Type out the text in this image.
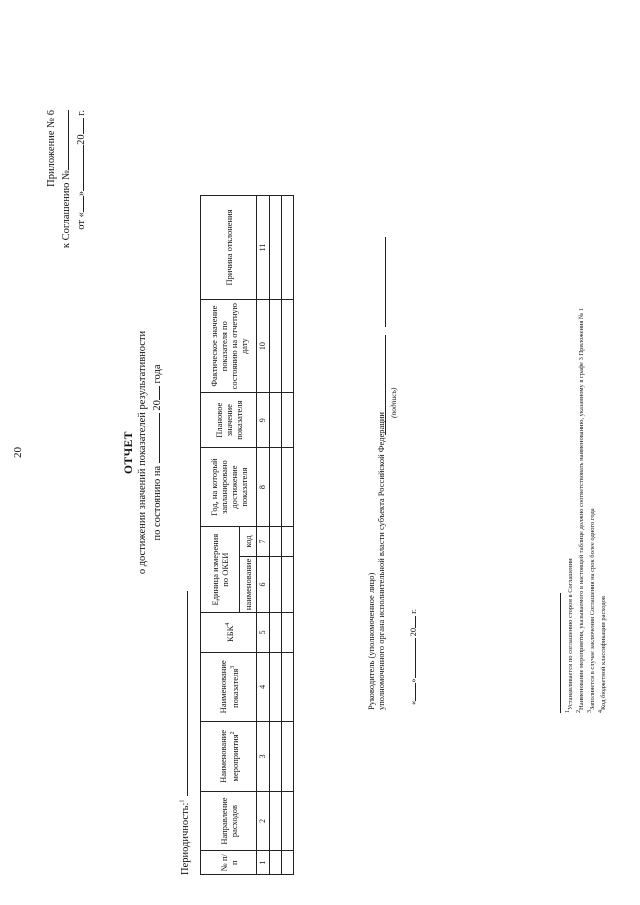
20
Приложение № 6
к Соглашению № от «»20 г.
ОТЧЕТ о достижении значений показателей результативности по состоянию на  20 года
Периодичность:$^1$
№ п/п	Направление расходов	Наименование мероприятия$^2$	Наименование показателя$^3$	КБК$^4$	Единица измерения по ОКЕИ		Год, на который запланировано достижение показателя	Плановое значение показателя	Фактическое значение показателя по состоянию на отчетную дату	Причина отклонения
					наименование	код				
1	2	3	4	5	6	7	8	9	10	11

Руководитель (уполномоченное лицо) уполномоченного органа исполнительной власти субъекта Российской Федерации
(подпись)
«» 20 г.
$^1$Устанавливается по соглашению сторон в Соглашении
$^2$Наименование мероприятия, указываемого в настоящей таблице должно соответствовать наименованию, указанному в графе 3 Приложения № 1
$^3$Заполняется в случае заключения Соглашения на срок более одного года
$^4$Код бюджетной классификации расходов
